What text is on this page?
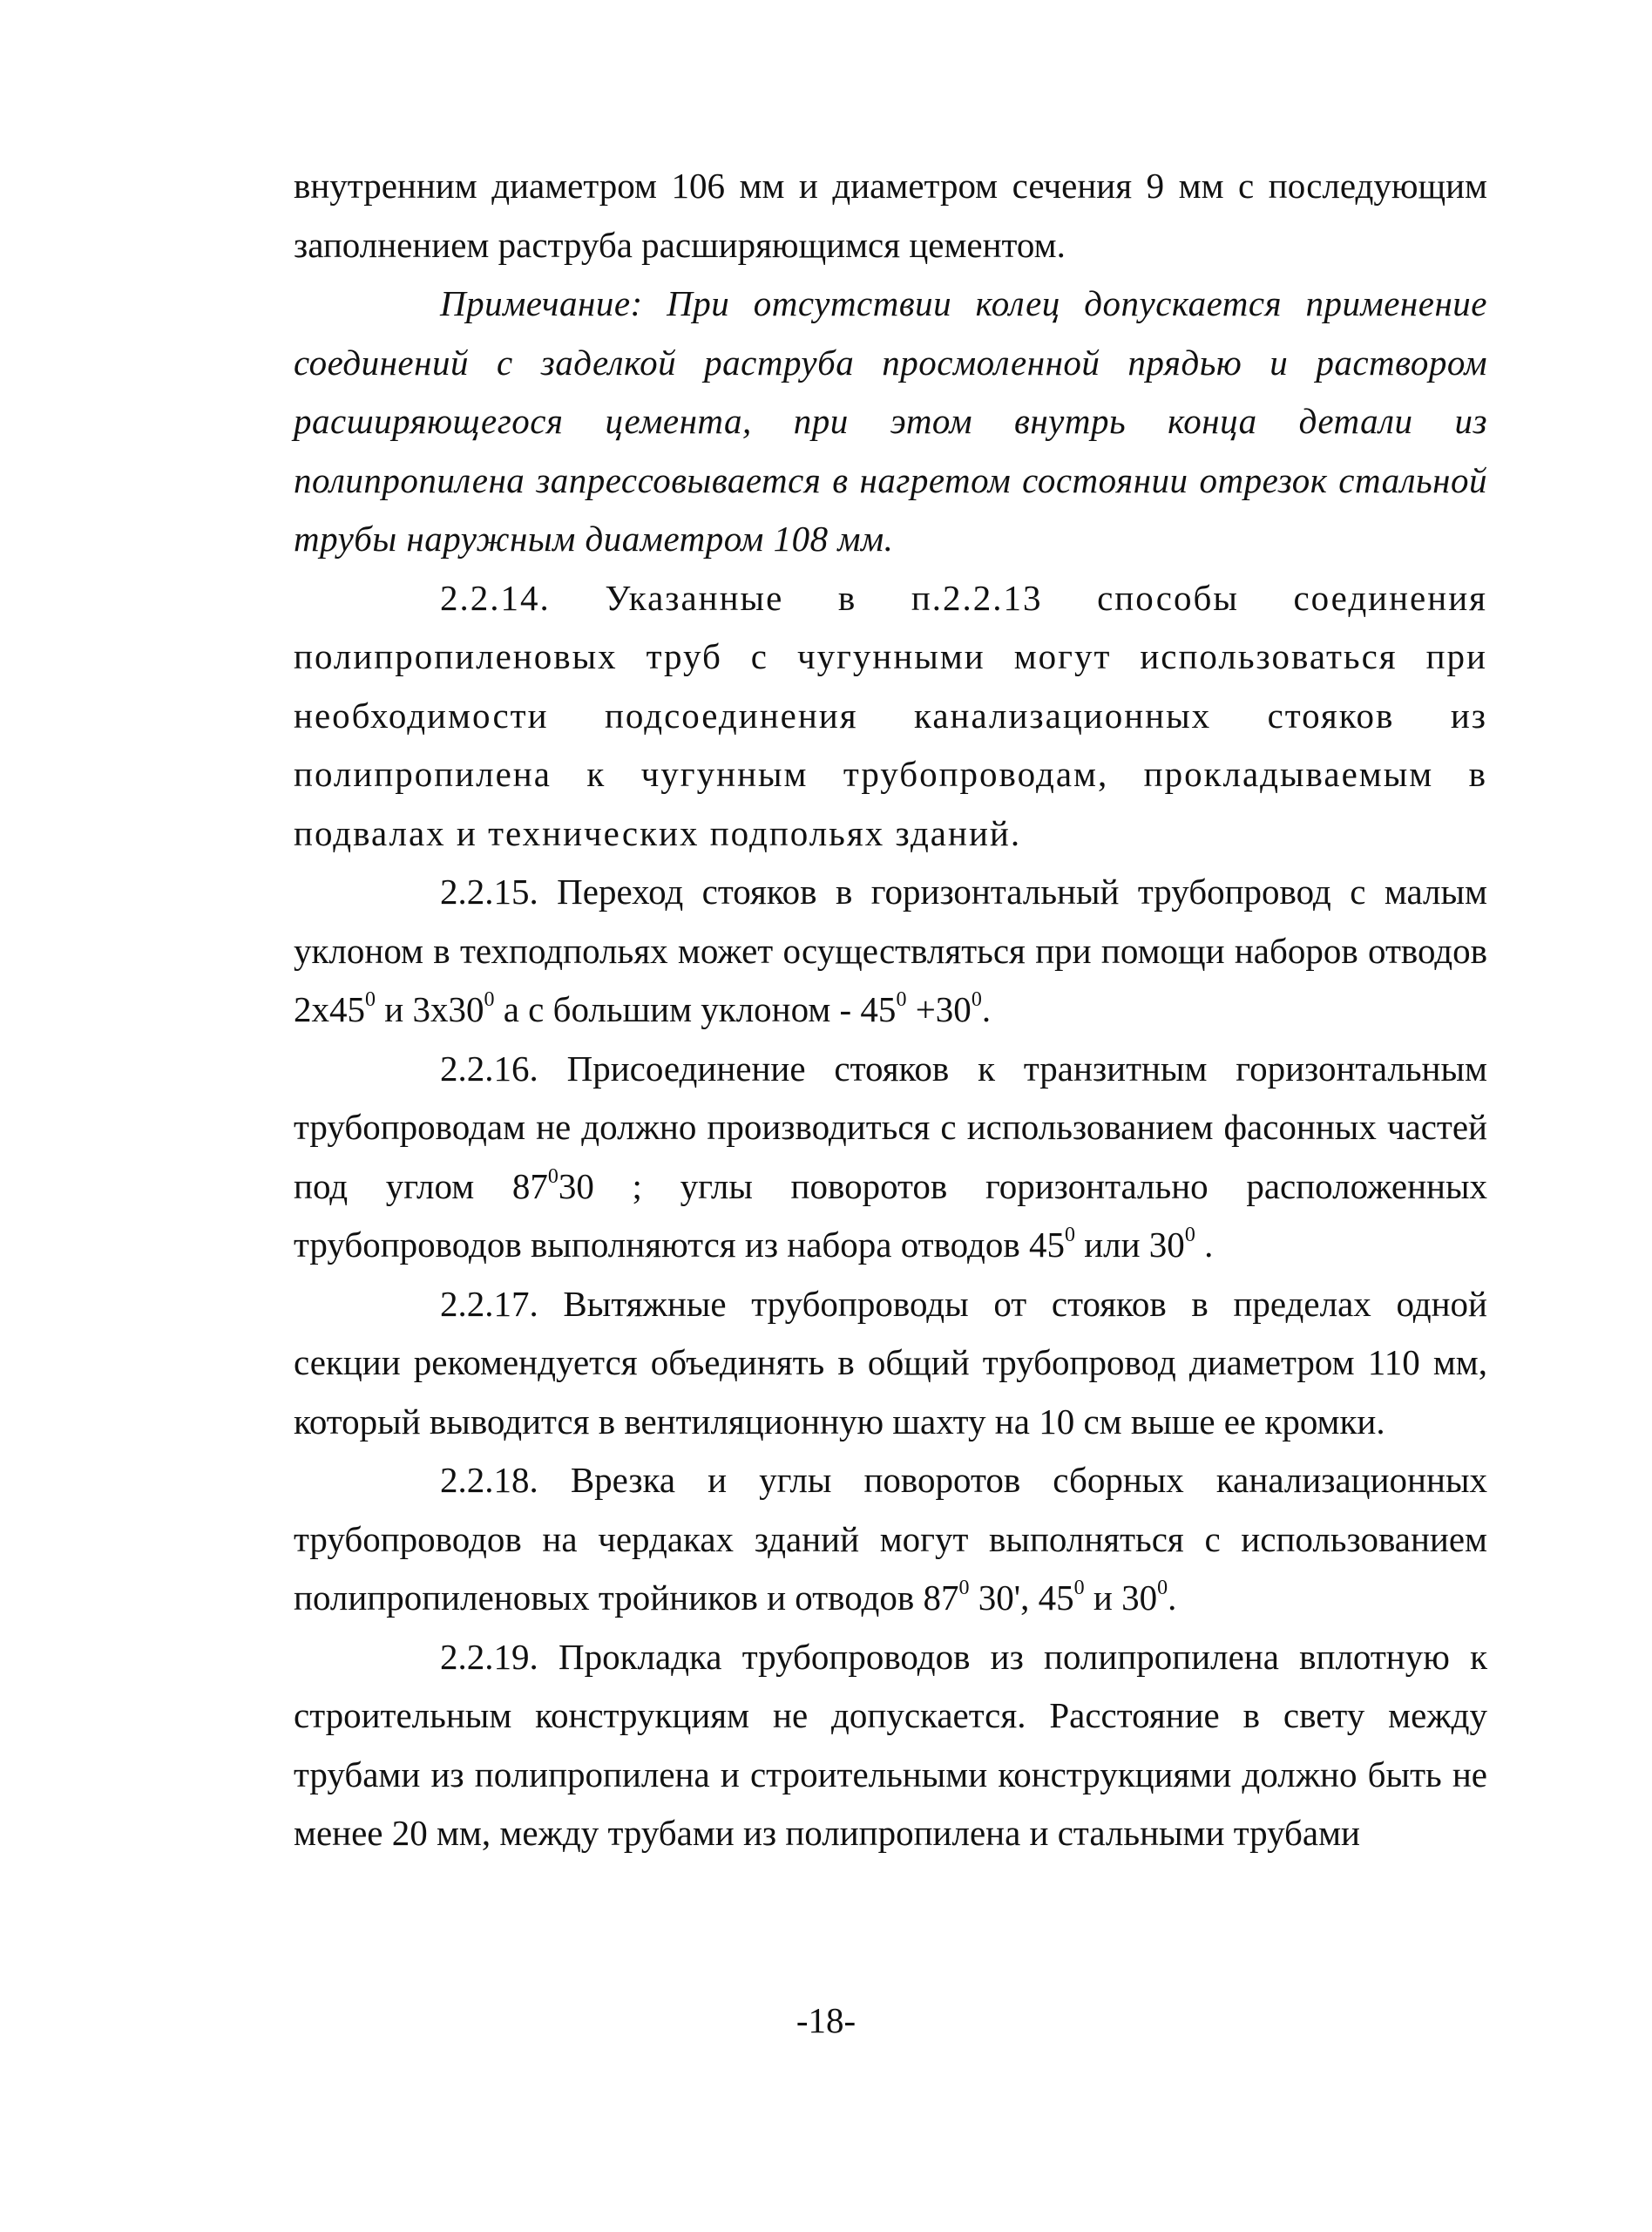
внутренним диаметром 106 мм и диаметром сечения 9 мм с последующим заполнением раструба расширяющимся цементом.

Примечание: При отсутствии колец допускается применение соединений с заделкой раструба просмоленной прядью и раствором расширяющегося цемента, при этом внутрь конца детали из полипропилена запрессовывается в нагретом состоянии отрезок стальной трубы наружным диаметром 108 мм.

2.2.14. Указанные в п.2.2.13 способы соединения полипропиленовых труб с чугунными могут использоваться при необходимости подсоединения канализационных стояков из полипропилена к чугунным трубопроводам, прокладываемым в подвалах и технических подпольях зданий.

2.2.15. Переход стояков в горизонтальный трубопровод с малым уклоном в техподпольях может осуществляться при помощи наборов отводов $2х45^0$ и $3х30^0$ а с большим уклоном - $45^0 +30^0$.

2.2.16. Присоединение стояков к транзитным горизонтальным трубопроводам не должно производиться с использованием фасонных частей под углом $87^030$ ; углы поворотов горизонтально расположенных трубопроводов выполняются из набора отводов $45^0$ или $30^0$ .

2.2.17. Вытяжные трубопроводы от стояков в пределах одной секции рекомендуется объединять в общий трубопровод диаметром 110 мм, который выводится в вентиляционную шахту на 10 см выше ее кромки.

2.2.18. Врезка и углы поворотов сборных канализационных трубопроводов на чердаках зданий могут выполняться с использованием полипропиленовых тройников и отводов $87^0$ 30', $45^0$ и $30^0$.

2.2.19. Прокладка трубопроводов из полипропилена вплотную к строительным конструкциям не допускается. Расстояние в свету между трубами из полипропилена и строительными конструкциями должно быть не менее 20 мм, между трубами из полипропилена и стальными трубами

-18-
